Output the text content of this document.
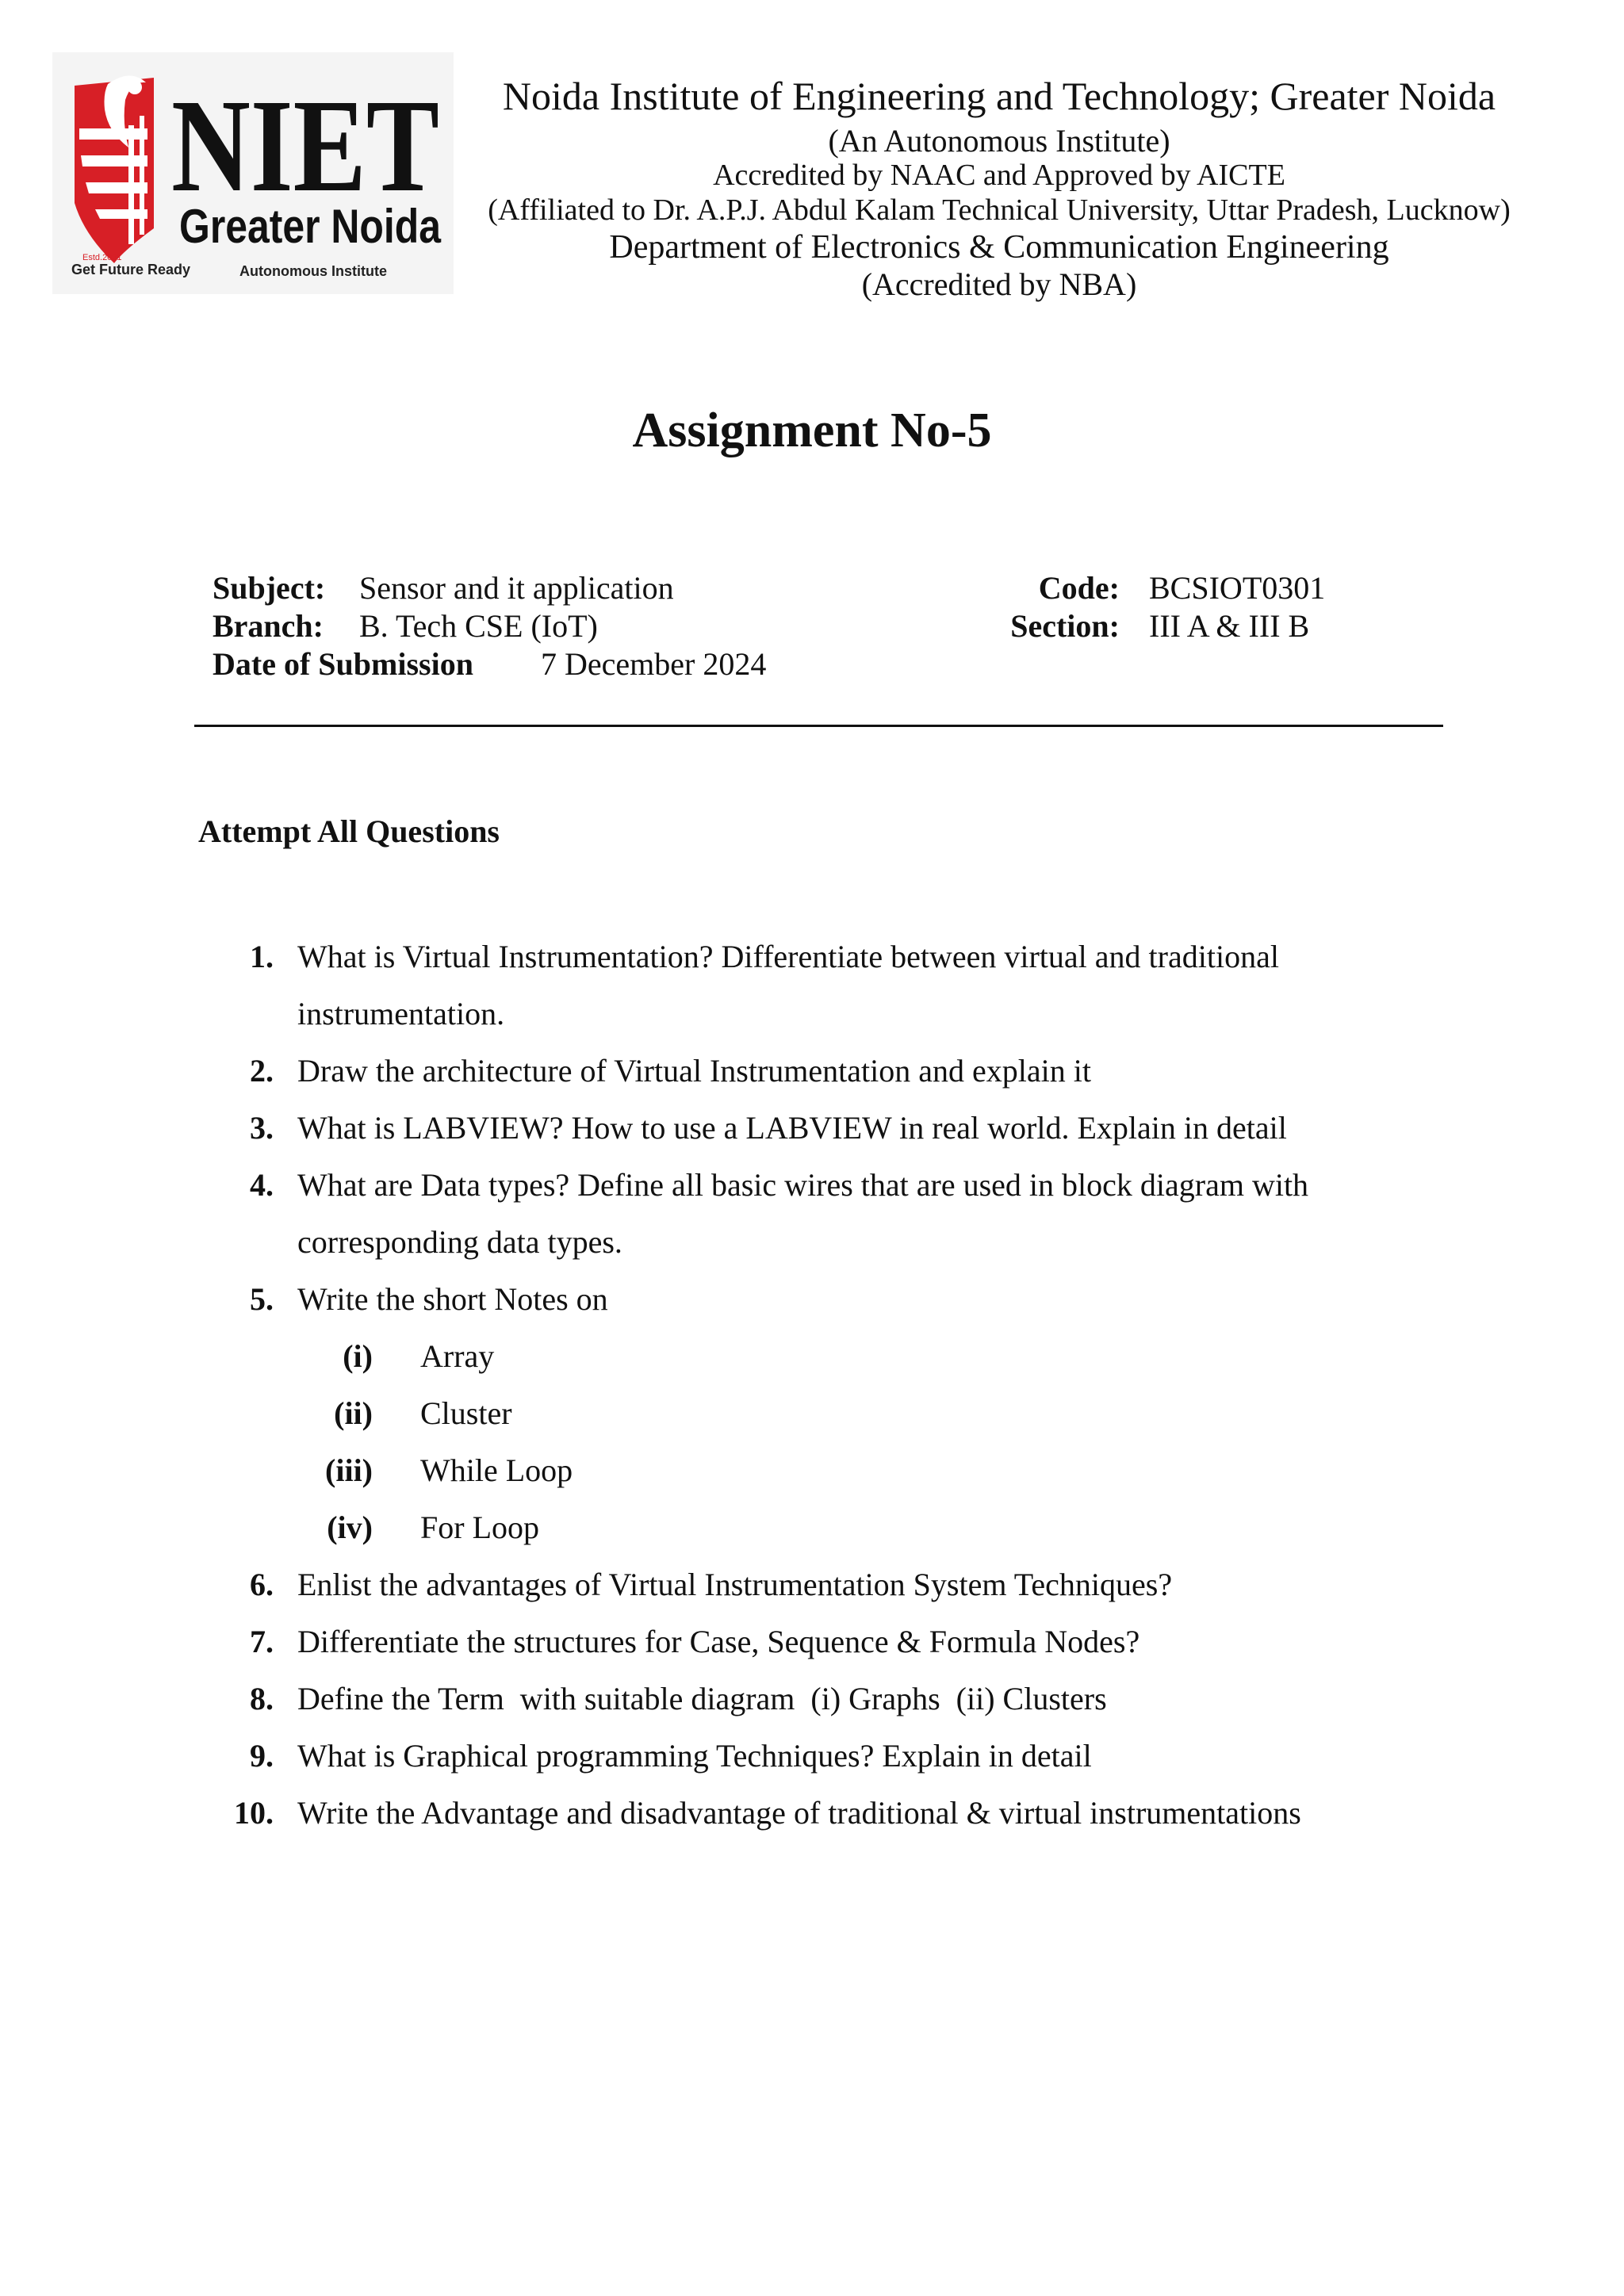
Estd.2001
NIET
Greater Noida
Get Future Ready	Autonomous Institute
Noida Institute of Engineering and Technology; Greater Noida
(An Autonomous Institute)
Accredited by NAAC and Approved by AICTE
(Affiliated to Dr. A.P.J. Abdul Kalam Technical University, Uttar Pradesh, Lucknow)
Department of Electronics & Communication Engineering
(Accredited by NBA)
Assignment No-5
Subject: Sensor and it application
Branch: B. Tech CSE (IoT)
Date of Submission 7 December 2024
Code: BCSIOT0301
Section: III A & III B
Attempt All Questions
1. What is Virtual Instrumentation? Differentiate between virtual and traditional
instrumentation.
2. Draw the architecture of Virtual Instrumentation and explain it
3. What is LABVIEW? How to use a LABVIEW in real world. Explain in detail
4. What are Data types? Define all basic wires that are used in block diagram with
corresponding data types.
5. Write the short Notes on
(i) Array
(ii) Cluster
(iii) While Loop
(iv) For Loop
6. Enlist the advantages of Virtual Instrumentation System Techniques?
7. Differentiate the structures for Case, Sequence & Formula Nodes?
8. Define the Term  with suitable diagram  (i) Graphs  (ii) Clusters
9. What is Graphical programming Techniques? Explain in detail
10. Write the Advantage and disadvantage of traditional & virtual instrumentations
